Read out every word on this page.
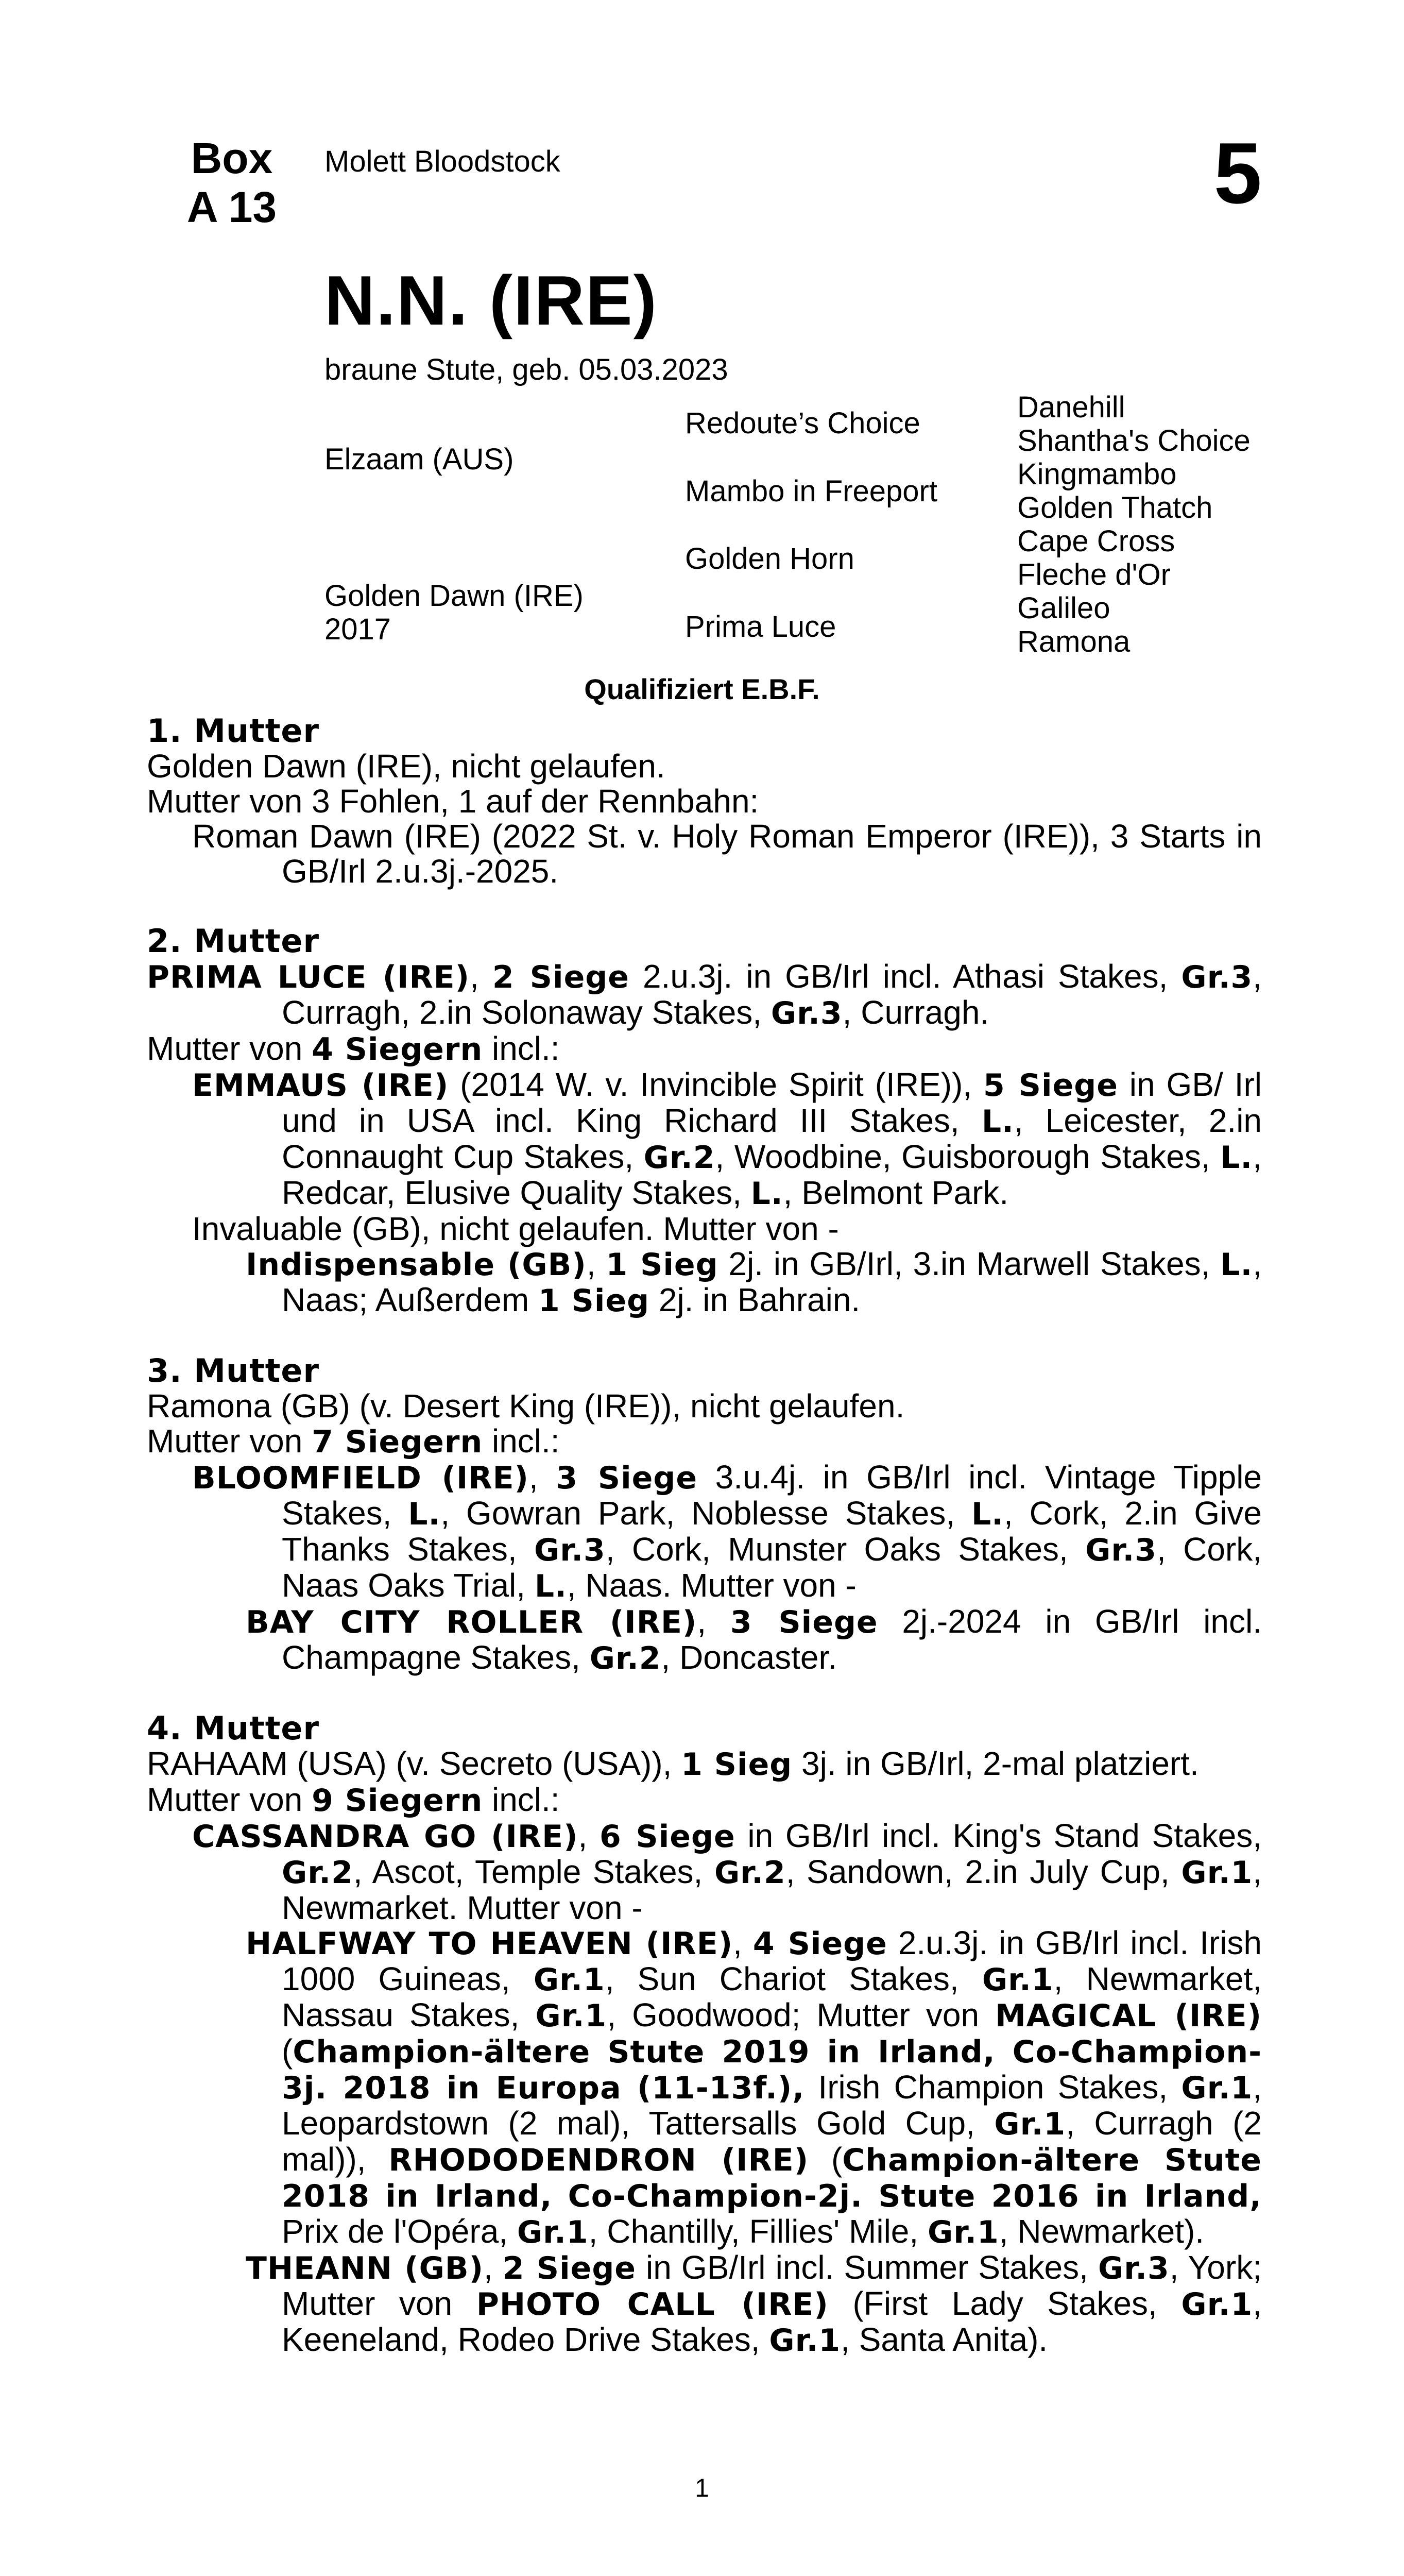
Box
A 13
Molett Bloodstock	5
N.N. (IRE)
braune Stute, geb. 05.03.2023
Elzaam (AUS)
Golden Dawn (IRE)
2017
Redoute’s Choice
Mambo in Freeport
Golden Horn
Prima Luce
Danehill
Shantha's Choice
Kingmambo
Golden Thatch
Cape Cross
Fleche d'Or
Galileo
Ramona
Qualifiziert E.B.F.
1. Mutter
Golden Dawn (IRE), nicht gelaufen.
Mutter von 3 Fohlen, 1 auf der Rennbahn:
Roman Dawn (IRE) (2022 St. v. Holy Roman Emperor (IRE)), 3 Starts in GB/Irl 2.u.3j.-2025.
2. Mutter
PRIMA LUCE (IRE), 2 Siege 2.u.3j. in GB/Irl incl. Athasi Stakes, Gr.3, Curragh, 2.in Solonaway Stakes, Gr.3, Curragh.
Mutter von 4 Siegern incl.:
EMMAUS (IRE) (2014 W. v. Invincible Spirit (IRE)), 5 Siege in GB/ Irl und in USA incl. King Richard III Stakes, L., Leicester, 2.in Connaught Cup Stakes, Gr.2, Woodbine, Guisborough Stakes, L., Redcar, Elusive Quality Stakes, L., Belmont Park.
Invaluable (GB), nicht gelaufen. Mutter von -
Indispensable (GB), 1 Sieg 2j. in GB/Irl, 3.in Marwell Stakes, L., Naas; Außerdem 1 Sieg 2j. in Bahrain.
3. Mutter
Ramona (GB) (v. Desert King (IRE)), nicht gelaufen.
Mutter von 7 Siegern incl.:
BLOOMFIELD (IRE), 3 Siege 3.u.4j. in GB/Irl incl. Vintage Tipple Stakes, L., Gowran Park, Noblesse Stakes, L., Cork, 2.in Give Thanks Stakes, Gr.3, Cork, Munster Oaks Stakes, Gr.3, Cork, Naas Oaks Trial, L., Naas. Mutter von -
BAY CITY ROLLER (IRE), 3 Siege 2j.-2024 in GB/Irl incl. Champagne Stakes, Gr.2, Doncaster.
4. Mutter
RAHAAM (USA) (v. Secreto (USA)), 1 Sieg 3j. in GB/Irl, 2-mal platziert.
Mutter von 9 Siegern incl.:
CASSANDRA GO (IRE), 6 Siege in GB/Irl incl. King's Stand Stakes, Gr.2, Ascot, Temple Stakes, Gr.2, Sandown, 2.in July Cup, Gr.1, Newmarket. Mutter von -
HALFWAY TO HEAVEN (IRE), 4 Siege 2.u.3j. in GB/Irl incl. Irish 1000 Guineas, Gr.1, Sun Chariot Stakes, Gr.1, Newmarket, Nassau Stakes, Gr.1, Goodwood; Mutter von MAGICAL (IRE) (Champion-ältere Stute 2019 in Irland, Co-Champion-3j. 2018 in Europa (11-13f.), Irish Champion Stakes, Gr.1, Leopardstown (2 mal), Tattersalls Gold Cup, Gr.1, Curragh (2 mal)), RHODODENDRON (IRE) (Champion-ältere Stute 2018 in Irland, Co-Champion-2j. Stute 2016 in Irland, Prix de l'Opéra, Gr.1, Chantilly, Fillies' Mile, Gr.1, Newmarket).
THEANN (GB), 2 Siege in GB/Irl incl. Summer Stakes, Gr.3, York; Mutter von PHOTO CALL (IRE) (First Lady Stakes, Gr.1, Keeneland, Rodeo Drive Stakes, Gr.1, Santa Anita).
1
